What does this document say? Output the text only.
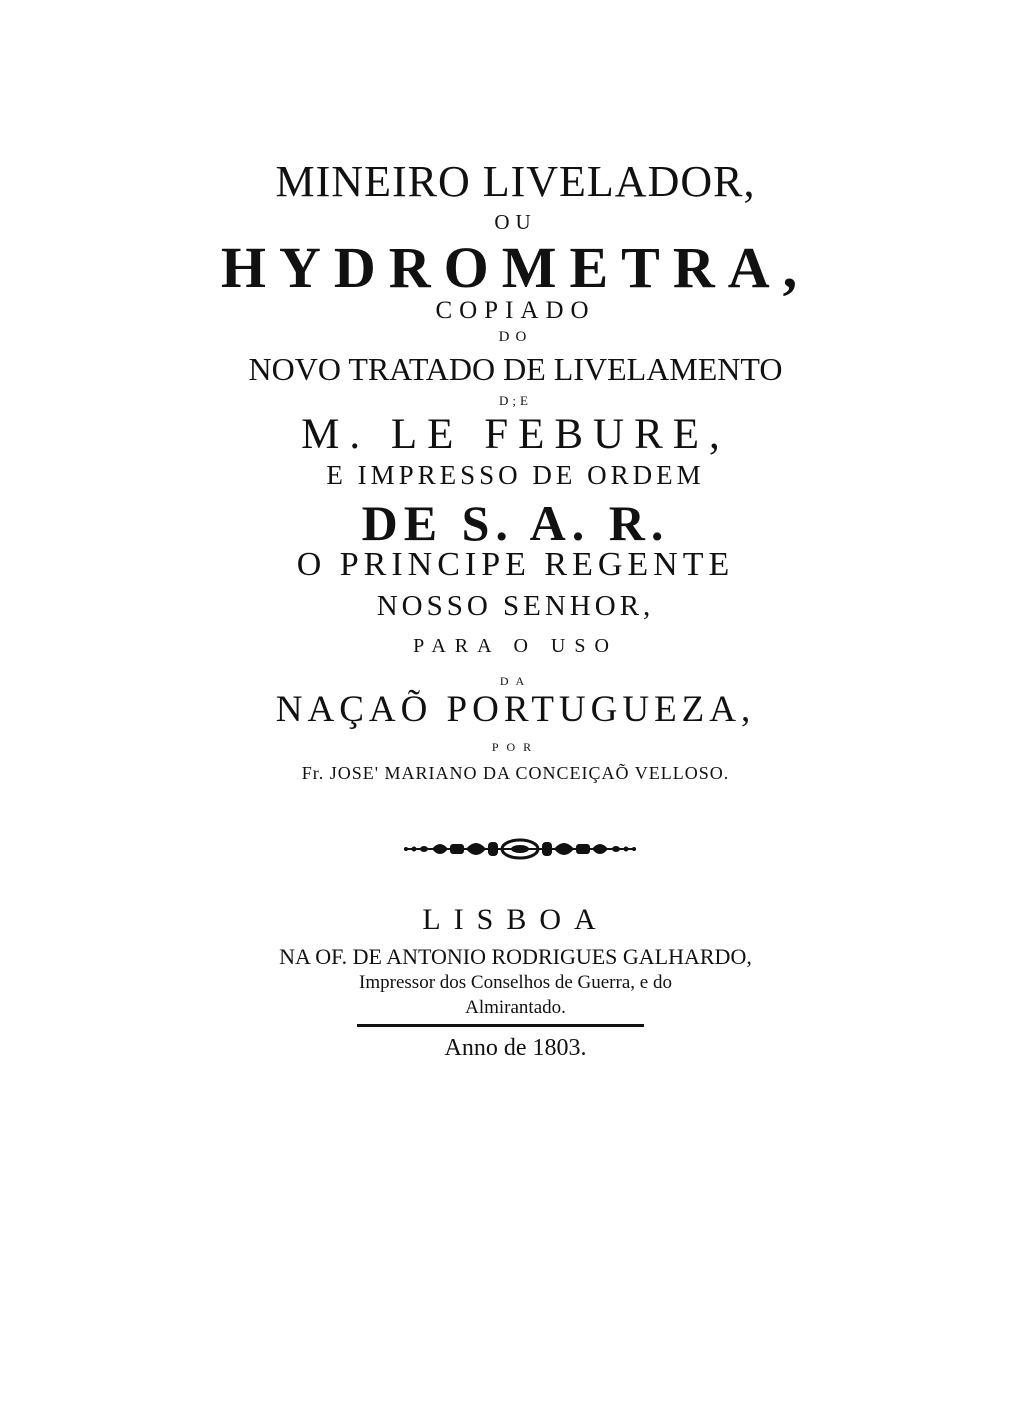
MINEIRO LIVELADOR,
OU
HYDROMETRA,
COPIADO
DO
NOVO TRATADO DE LIVELAMENTO
D;E
M. LE FEBURE,
E IMPRESSO DE ORDEM
DE S. A. R.
O PRINCIPE REGENTE
NOSSO SENHOR,
PARA O USO
DA
NAÇAÕ PORTUGUEZA,
POR
Fr. JOSE' MARIANO DA CONCEIÇAÕ VELLOSO.
LISBOA
NA OF. DE ANTONIO RODRIGUES GALHARDO,
Impressor dos Conselhos de Guerra, e do
Almirantado.
Anno de 1803.
